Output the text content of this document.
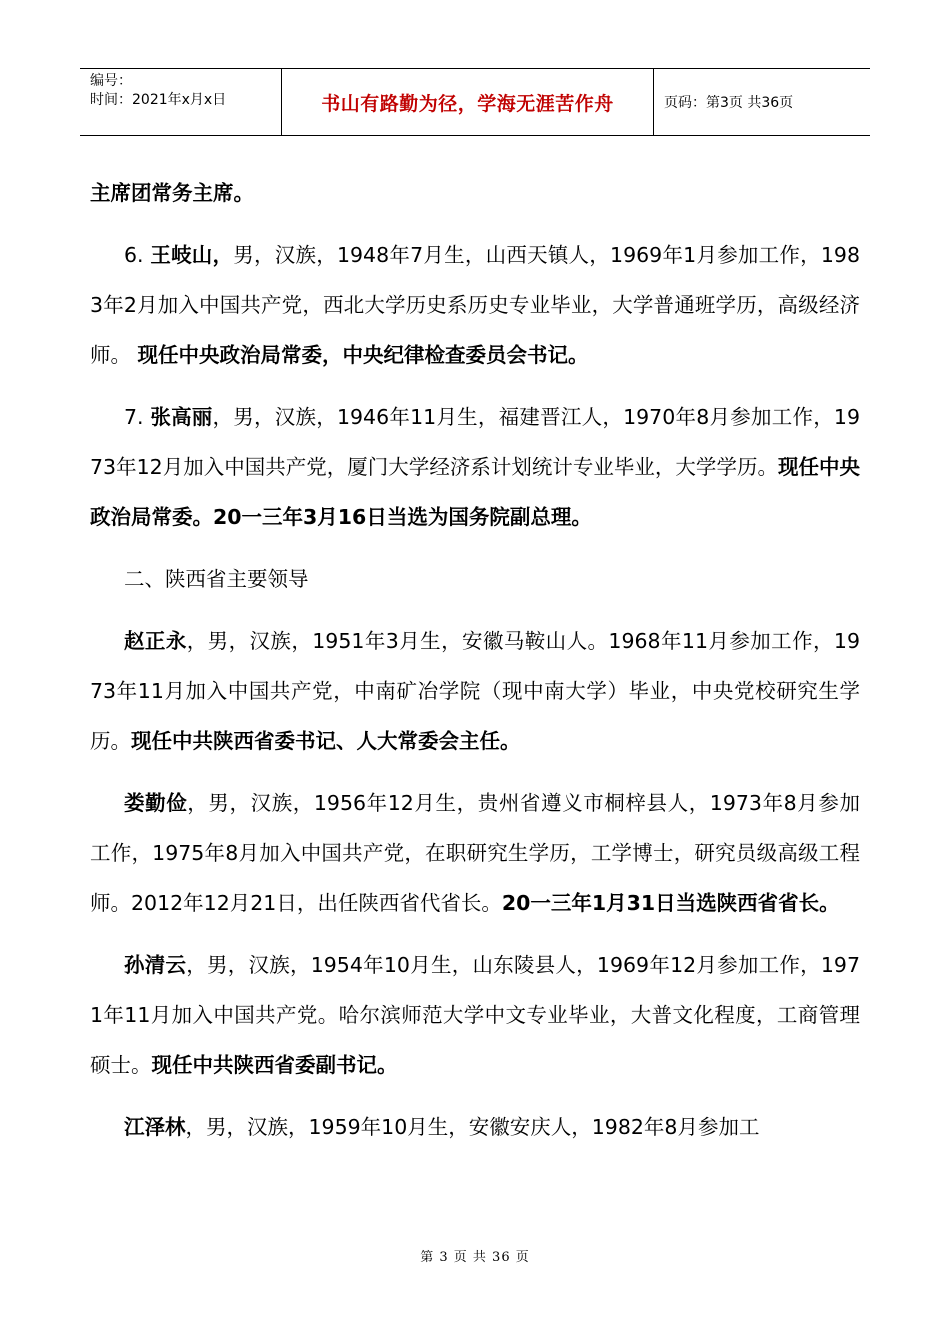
编号：
时间：2021年x月x日	书山有路勤为径，学海无涯苦作舟	页码：第3页 共36页

主席团常务主席。

6. 王岐山，男，汉族，1948年7月生，山西天镇人，1969年1月参加工作，1983年2月加入中国共产党，西北大学历史系历史专业毕业，大学普通班学历，高级经济师。 现任中央政治局常委，中央纪律检查委员会书记。

7. 张高丽，男，汉族，1946年11月生，福建晋江人，1970年8月参加工作，1973年12月加入中国共产党，厦门大学经济系计划统计专业毕业，大学学历。现任中央政治局常委。20一三年3月16日当选为国务院副总理。

二、陕西省主要领导

赵正永，男，汉族，1951年3月生，安徽马鞍山人。1968年11月参加工作，1973年11月加入中国共产党，中南矿冶学院（现中南大学）毕业，中央党校研究生学历。现任中共陕西省委书记、人大常委会主任。

娄勤俭，男，汉族，1956年12月生，贵州省遵义市桐梓县人，1973年8月参加工作，1975年8月加入中国共产党，在职研究生学历，工学博士，研究员级高级工程师。2012年12月21日，出任陕西省代省长。20一三年1月31日当选陕西省省长。

孙清云，男，汉族，1954年10月生，山东陵县人，1969年12月参加工作，1971年11月加入中国共产党。哈尔滨师范大学中文专业毕业，大普文化程度，工商管理硕士。现任中共陕西省委副书记。

江泽林，男，汉族，1959年10月生，安徽安庆人，1982年8月参加工

第 3 页 共 36 页
